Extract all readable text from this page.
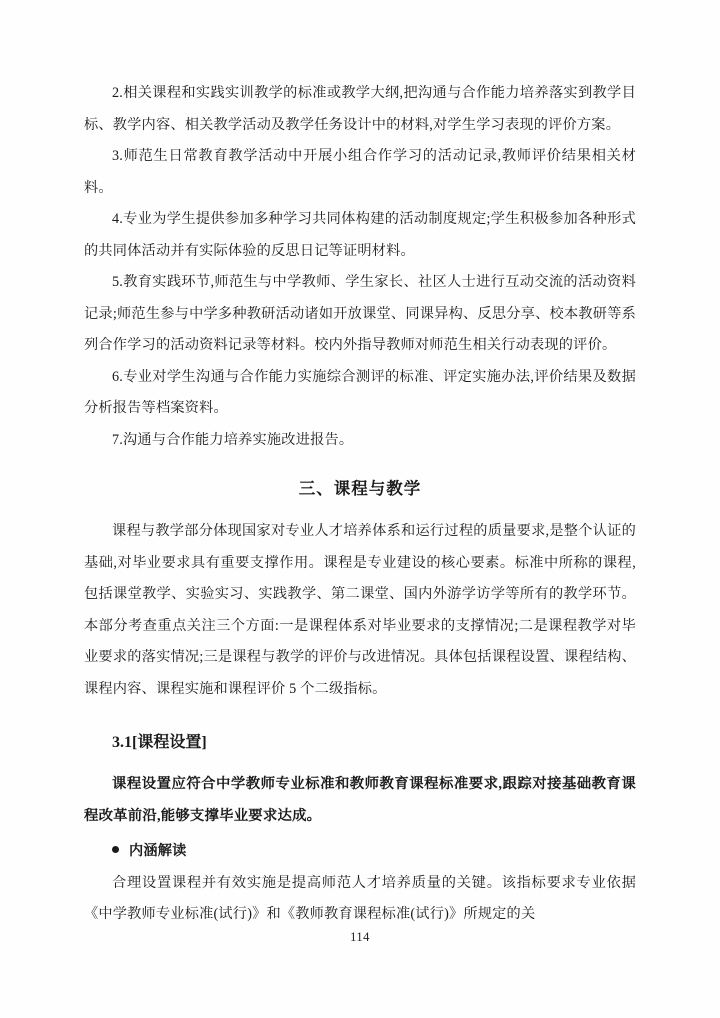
2.相关课程和实践实训教学的标准或教学大纲,把沟通与合作能力培养落实到教学目标、教学内容、相关教学活动及教学任务设计中的材料,对学生学习表现的评价方案。

3.师范生日常教育教学活动中开展小组合作学习的活动记录,教师评价结果相关材料。

4.专业为学生提供参加多种学习共同体构建的活动制度规定;学生积极参加各种形式的共同体活动并有实际体验的反思日记等证明材料。

5.教育实践环节,师范生与中学教师、学生家长、社区人士进行互动交流的活动资料记录;师范生参与中学多种教研活动诸如开放课堂、同课异构、反思分享、校本教研等系列合作学习的活动资料记录等材料。校内外指导教师对师范生相关行动表现的评价。

6.专业对学生沟通与合作能力实施综合测评的标准、评定实施办法,评价结果及数据分析报告等档案资料。

7.沟通与合作能力培养实施改进报告。

三、课程与教学

课程与教学部分体现国家对专业人才培养体系和运行过程的质量要求,是整个认证的基础,对毕业要求具有重要支撑作用。课程是专业建设的核心要素。标准中所称的课程,包括课堂教学、实验实习、实践教学、第二课堂、国内外游学访学等所有的教学环节。本部分考查重点关注三个方面:一是课程体系对毕业要求的支撑情况;二是课程教学对毕业要求的落实情况;三是课程与教学的评价与改进情况。具体包括课程设置、课程结构、课程内容、课程实施和课程评价 5 个二级指标。

3.1[课程设置]

课程设置应符合中学教师专业标准和教师教育课程标准要求,跟踪对接基础教育课程改革前沿,能够支撑毕业要求达成。

内涵解读

合理设置课程并有效实施是提高师范人才培养质量的关键。该指标要求专业依据《中学教师专业标准(试行)》和《教师教育课程标准(试行)》所规定的关

114
